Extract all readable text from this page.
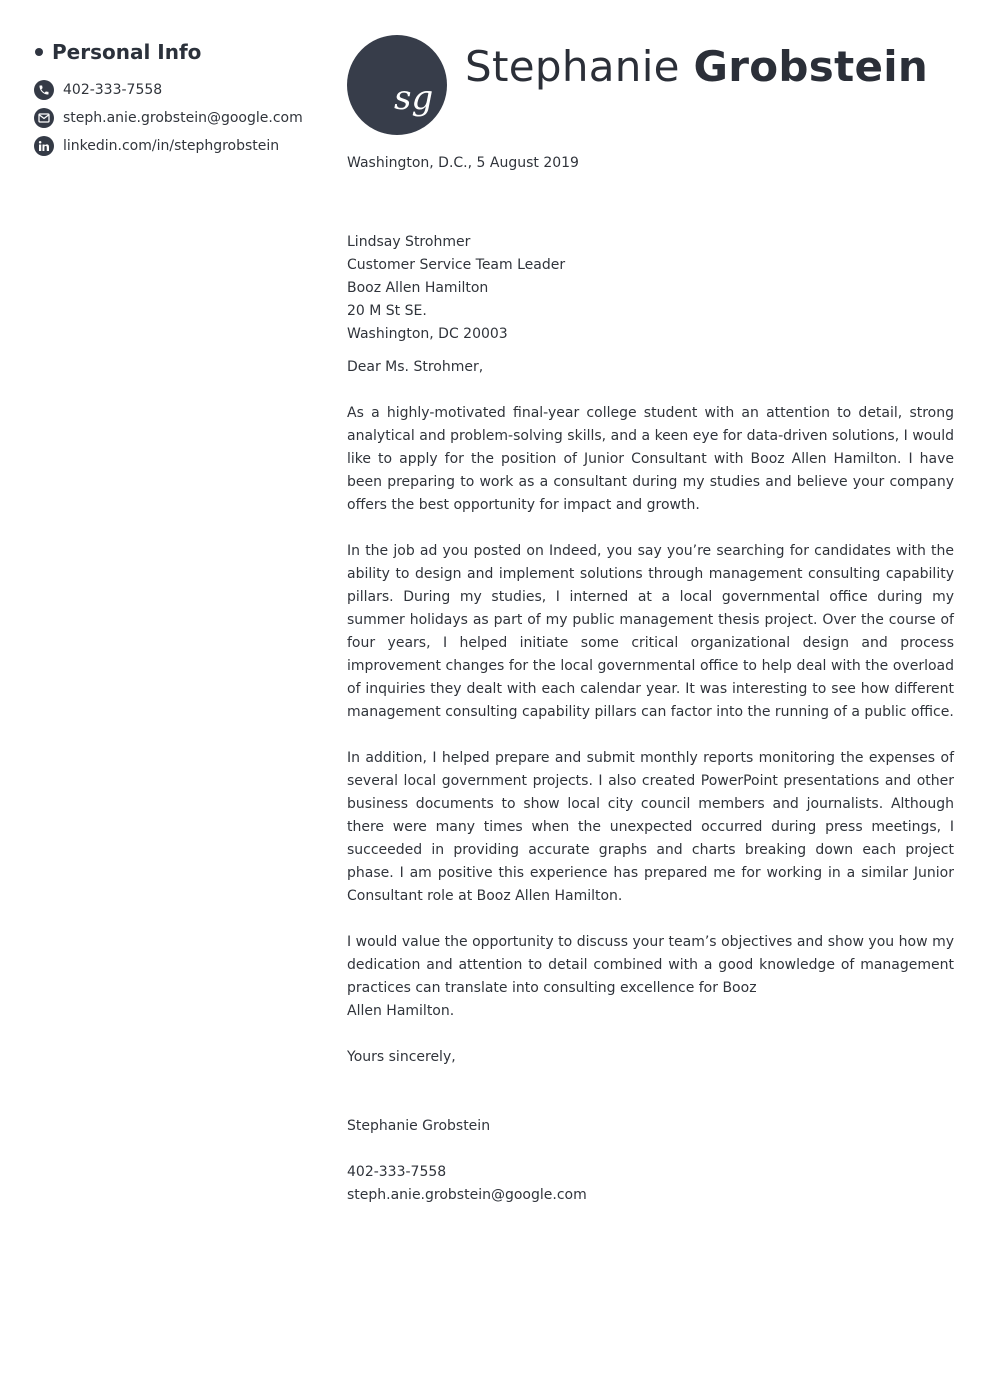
Personal Info
402-333-7558
steph.anie.grobstein@google.com
linkedin.com/in/stephgrobstein
sg
Stephanie Grobstein
Washington, D.C., 5 August 2019
Lindsay Strohmer
Customer Service Team Leader
Booz Allen Hamilton
20 M St SE.
Washington, DC 20003
Dear Ms. Strohmer,
As a highly-motivated final-year college student with an attention to detail, strong analytical and problem-solving skills, and a keen eye for data-driven solutions, I would like to apply for the position of Junior Consultant with Booz Allen Hamilton. I have been preparing to work as a consultant during my studies and believe your company offers the best opportunity for impact and growth.
In the job ad you posted on Indeed, you say you’re searching for candidates with the ability to design and implement solutions through management consulting capability pillars. During my studies, I interned at a local governmental office during my summer holidays as part of my public management thesis project. Over the course of four years, I helped initiate some critical organizational design and process improvement changes for the local governmental office to help deal with the overload of inquiries they dealt with each calendar year. It was interesting to see how different management consulting capability pillars can factor into the running of a public office.
In addition, I helped prepare and submit monthly reports monitoring the expenses of several local government projects. I also created PowerPoint presentations and other business documents to show local city council members and journalists. Although there were many times when the unexpected occurred during press meetings, I succeeded in providing accurate graphs and charts breaking down each project phase. I am positive this experience has prepared me for working in a similar Junior Consultant role at Booz Allen Hamilton.
I would value the opportunity to discuss your team’s objectives and show you how my dedication and attention to detail combined with a good knowledge of management practices can translate into consulting excellence for Booz
Allen Hamilton.
Yours sincerely,
Stephanie Grobstein
402-333-7558
steph.anie.grobstein@google.com
